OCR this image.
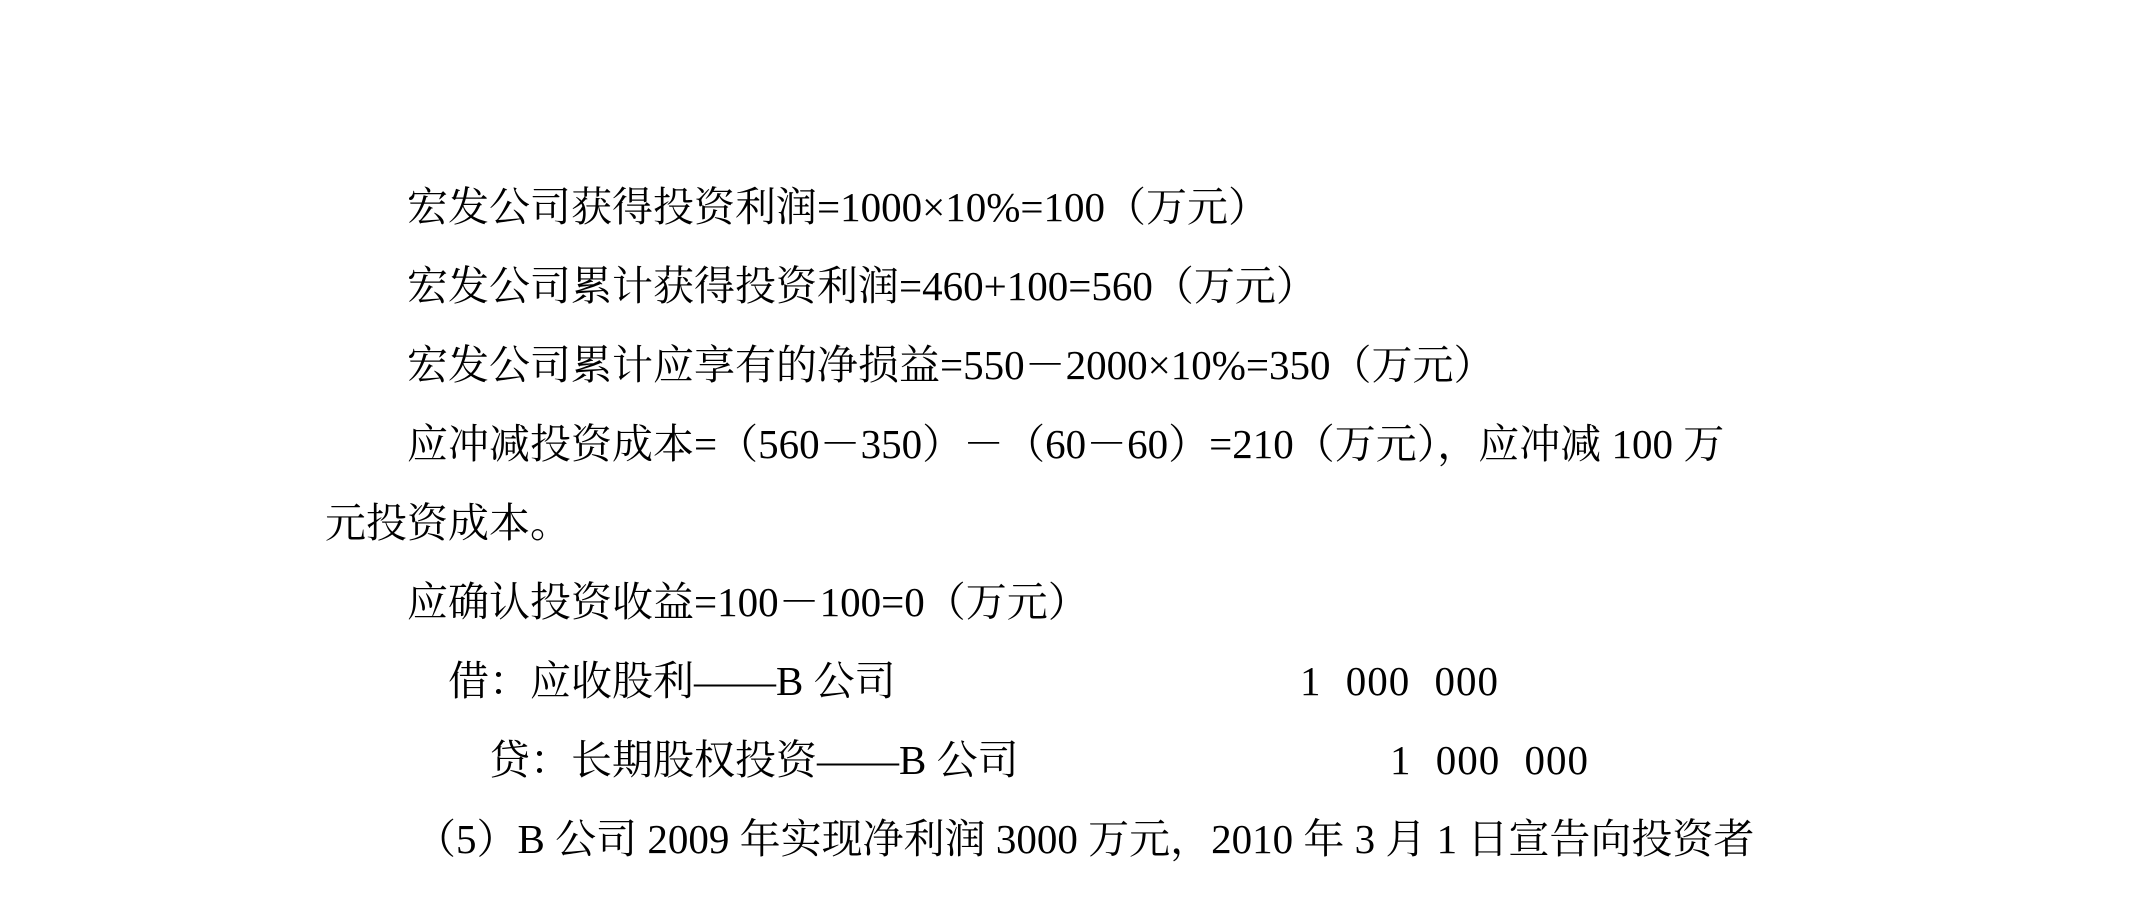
宏发公司获得投资利润=1000×10%=100（万元）
宏发公司累计获得投资利润=460+100=560（万元）
宏发公司累计应享有的净损益=550－2000×10%=350（万元）
应冲减投资成本=（560－350）－（60－60）=210（万元），应冲减 100 万
元投资成本。
应确认投资收益=100－100=0（万元）
借：应收股利——B 公司	1 000 000
贷：长期股权投资——B 公司	1 000 000
（5）B 公司 2009 年实现净利润 3000 万元，2010 年 3 月 1 日宣告向投资者
